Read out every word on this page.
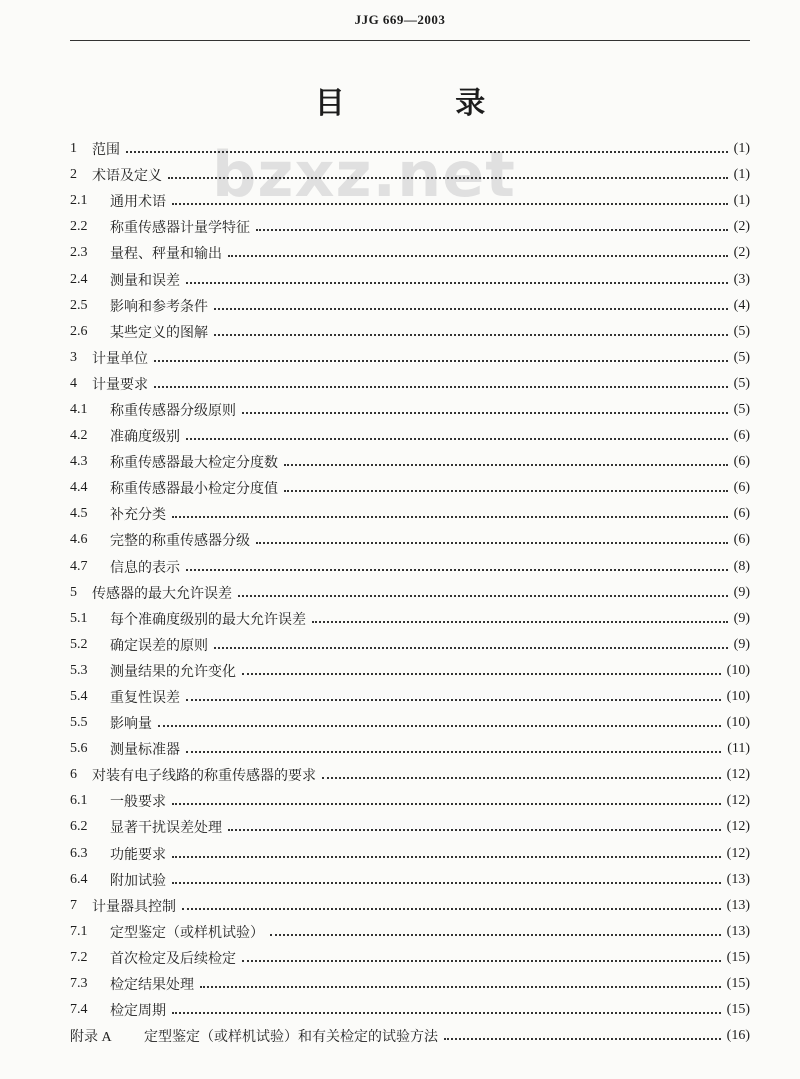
JJG 669—2003
目 录
bzxz.net
1	范围	(1)
2	术语及定义	(1)
2.1	通用术语	(1)
2.2	称重传感器计量学特征	(2)
2.3	量程、秤量和输出	(2)
2.4	测量和误差	(3)
2.5	影响和参考条件	(4)
2.6	某些定义的图解	(5)
3	计量单位	(5)
4	计量要求	(5)
4.1	称重传感器分级原则	(5)
4.2	准确度级别	(6)
4.3	称重传感器最大检定分度数	(6)
4.4	称重传感器最小检定分度值	(6)
4.5	补充分类	(6)
4.6	完整的称重传感器分级	(6)
4.7	信息的表示	(8)
5	传感器的最大允许误差	(9)
5.1	每个准确度级别的最大允许误差	(9)
5.2	确定误差的原则	(9)
5.3	测量结果的允许变化	(10)
5.4	重复性误差	(10)
5.5	影响量	(10)
5.6	测量标准器	(11)
6	对装有电子线路的称重传感器的要求	(12)
6.1	一般要求	(12)
6.2	显著干扰误差处理	(12)
6.3	功能要求	(12)
6.4	附加试验	(13)
7	计量器具控制	(13)
7.1	定型鉴定（或样机试验）	(13)
7.2	首次检定及后续检定	(15)
7.3	检定结果处理	(15)
7.4	检定周期	(15)
附录 A	定型鉴定（或样机试验）和有关检定的试验方法	(16)
